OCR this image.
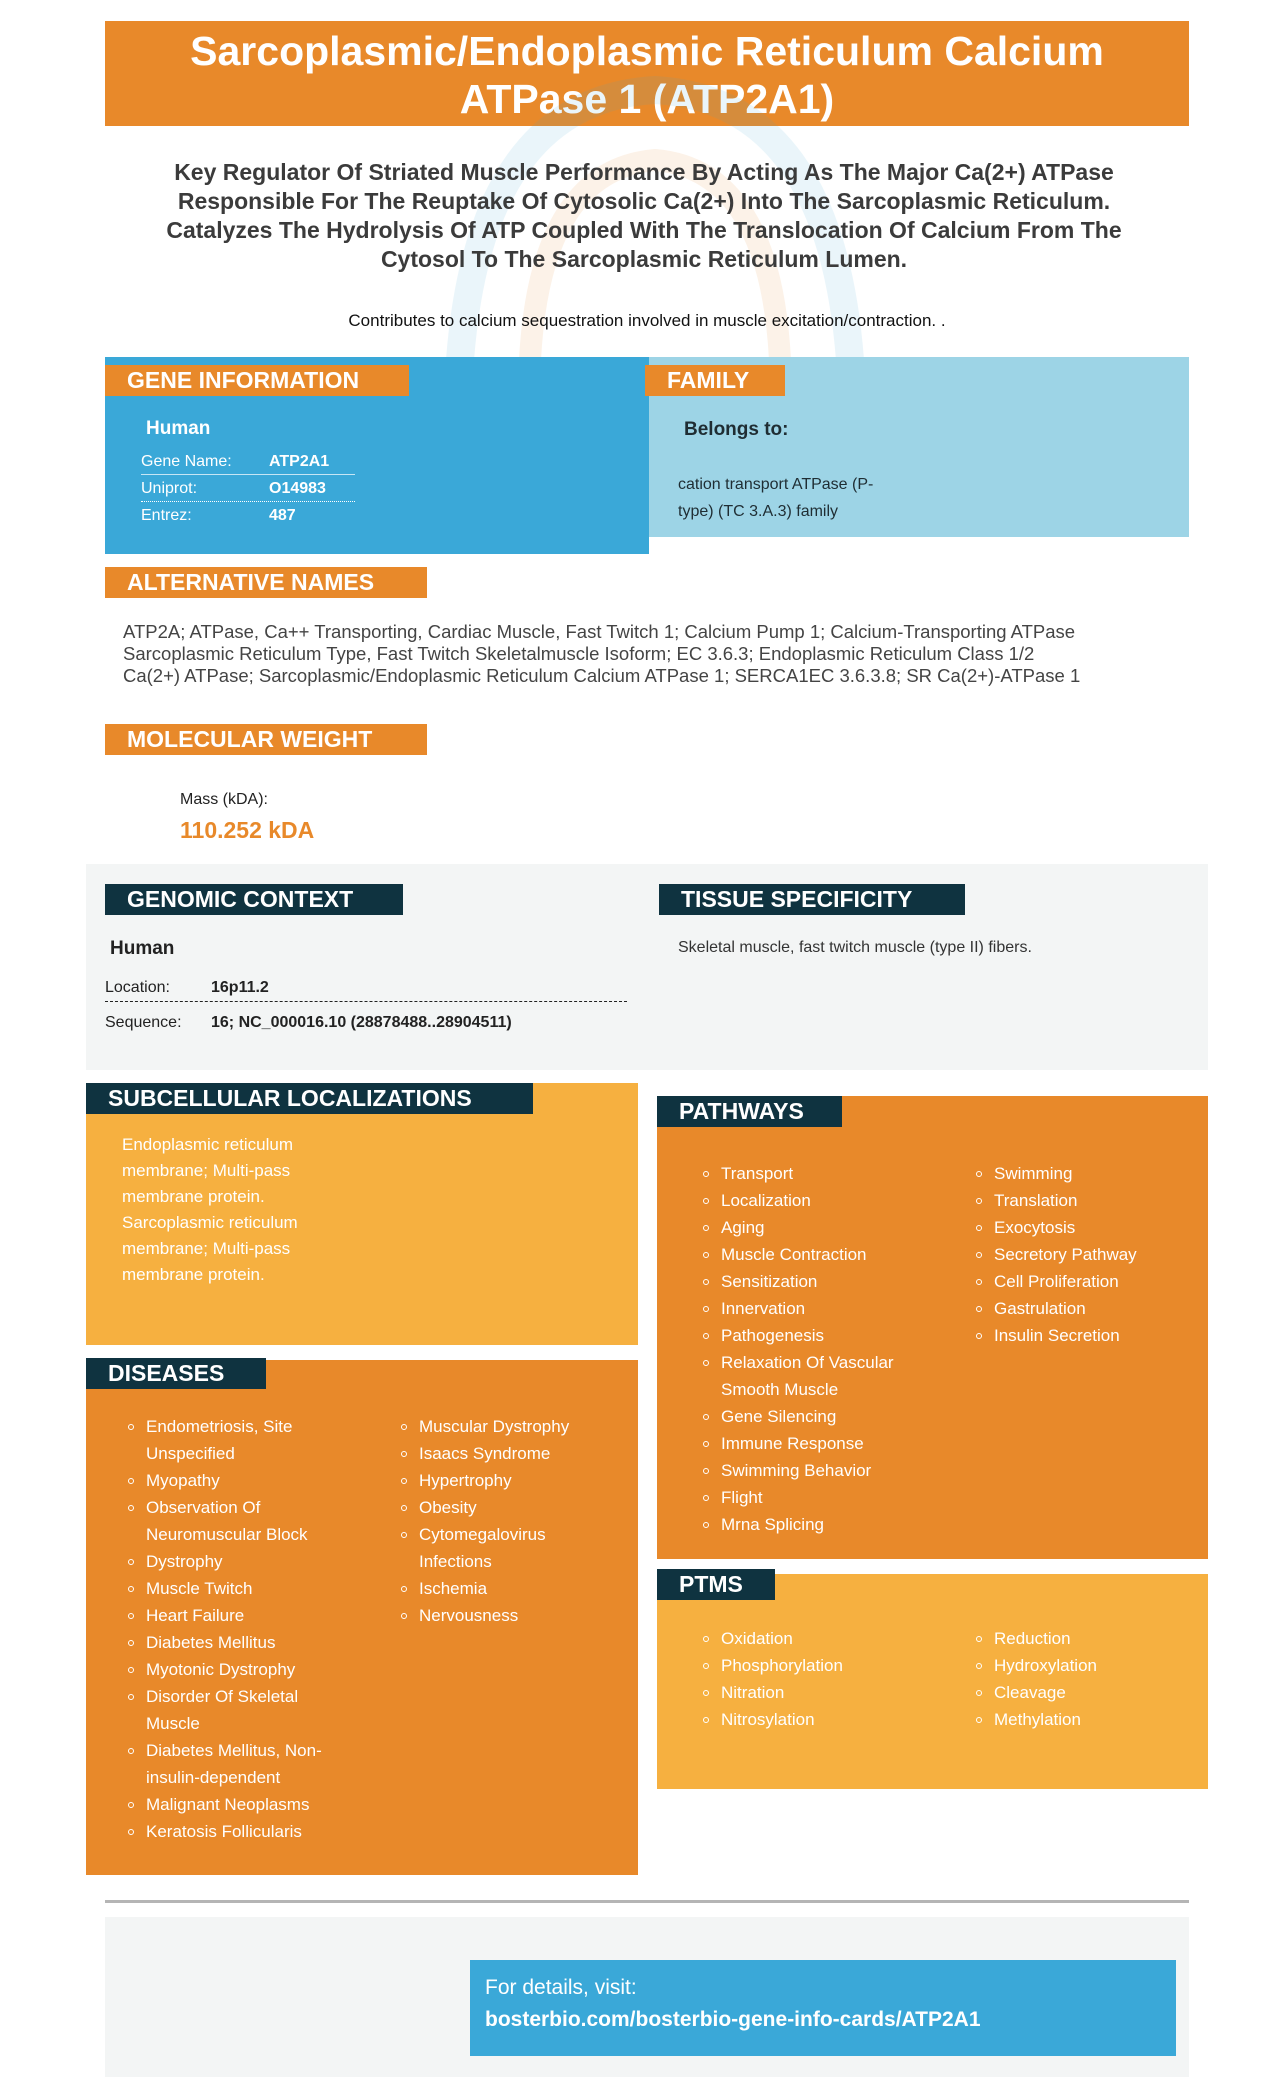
Sarcoplasmic/Endoplasmic Reticulum Calcium
ATPase 1 (ATP2A1)
Key Regulator Of Striated Muscle Performance By Acting As The Major Ca(2+) ATPase Responsible For The Reuptake Of Cytosolic Ca(2+) Into The Sarcoplasmic Reticulum. Catalyzes The Hydrolysis Of ATP Coupled With The Translocation Of Calcium From The Cytosol To The Sarcoplasmic Reticulum Lumen.
Contributes to calcium sequestration involved in muscle excitation/contraction. .
Human
Gene Name: ATP2A1
Uniprot:	O14983
Entrez:	487
GENE INFORMATION
Belongs to:
cation transport ATPase (P-
type) (TC 3.A.3) family
FAMILY
ALTERNATIVE NAMES
ATP2A; ATPase, Ca++ Transporting, Cardiac Muscle, Fast Twitch 1; Calcium Pump 1; Calcium-Transporting ATPase
Sarcoplasmic Reticulum Type, Fast Twitch Skeletalmuscle Isoform; EC 3.6.3; Endoplasmic Reticulum Class 1/2
Ca(2+) ATPase; Sarcoplasmic/Endoplasmic Reticulum Calcium ATPase 1; SERCA1EC 3.6.3.8; SR Ca(2+)-ATPase 1
MOLECULAR WEIGHT
Mass (kDA):
110.252 kDA
Human
Location:	16p11.2
Sequence: 16; NC_000016.10 (28878488..28904511)
Skeletal muscle, fast twitch muscle (type II) fibers.
GENOMIC CONTEXT	TISSUE SPECIFICITY
Endoplasmic reticulum
membrane; Multi-pass
membrane protein.
Sarcoplasmic reticulum
membrane; Multi-pass
membrane protein.
SUBCELLULAR LOCALIZATIONS
Endometriosis, Site
Unspecified
Myopathy
Observation Of
Neuromuscular Block
Dystrophy
Muscle Twitch
Heart Failure
Diabetes Mellitus
Myotonic Dystrophy
Disorder Of Skeletal
Muscle
Diabetes Mellitus, Non-
insulin-dependent
Malignant Neoplasms
Keratosis Follicularis
Muscular Dystrophy
Isaacs Syndrome
Hypertrophy
Obesity
Cytomegalovirus
Infections
Ischemia
Nervousness
DISEASES
Transport
Localization
Aging
Muscle Contraction
Sensitization
Innervation
Pathogenesis
Relaxation Of Vascular
Smooth Muscle
Gene Silencing
Immune Response
Swimming Behavior
Flight
Mrna Splicing
Swimming
Translation
Exocytosis
Secretory Pathway
Cell Proliferation
Gastrulation
Insulin Secretion
PATHWAYS
Oxidation
Phosphorylation
Nitration
Nitrosylation
Reduction
Hydroxylation
Cleavage
Methylation
PTMS
For details, visit:
bosterbio.com/bosterbio-gene-info-cards/ATP2A1
